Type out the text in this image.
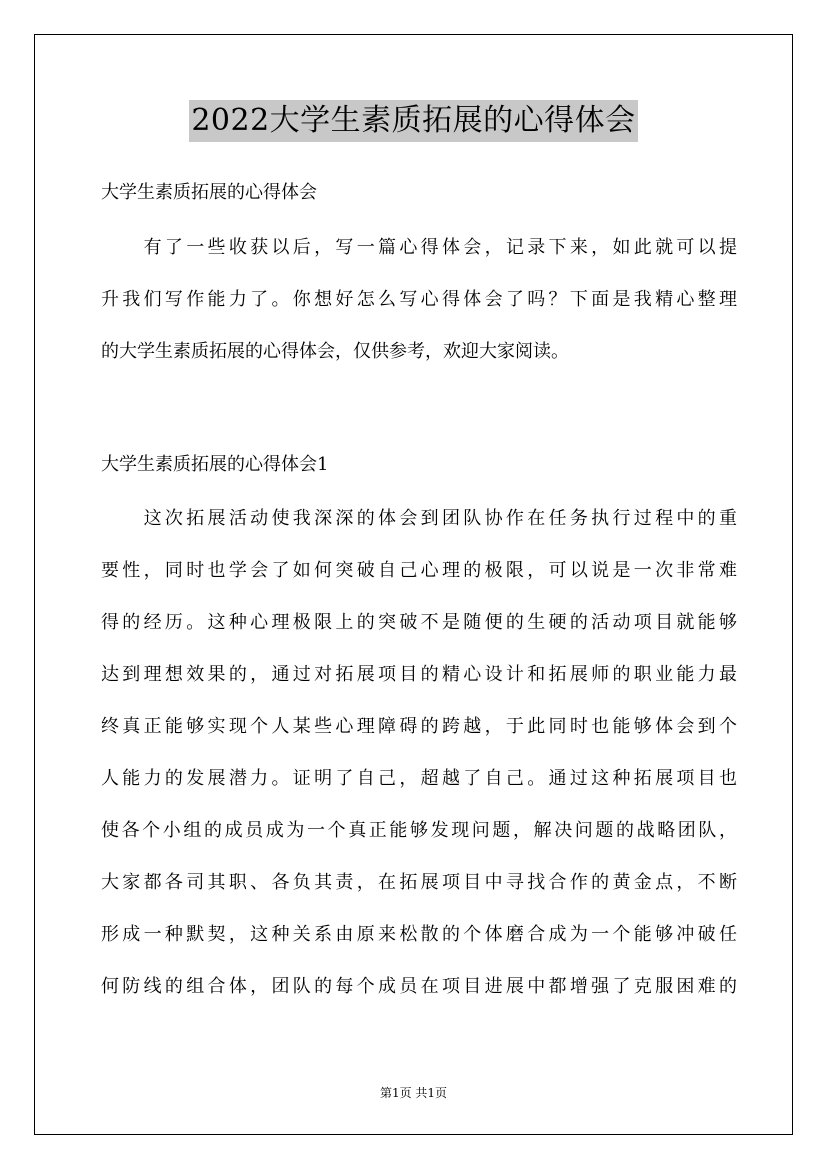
2022大学生素质拓展的心得体会
大学生素质拓展的心得体会
　　有了一些收获以后，写一篇心得体会，记录下来，如此就可以提
升我们写作能力了。你想好怎么写心得体会了吗？下面是我精心整理
的大学生素质拓展的心得体会，仅供参考，欢迎大家阅读。
大学生素质拓展的心得体会1
　　这次拓展活动使我深深的体会到团队协作在任务执行过程中的重
要性，同时也学会了如何突破自己心理的极限，可以说是一次非常难
得的经历。这种心理极限上的突破不是随便的生硬的活动项目就能够
达到理想效果的，通过对拓展项目的精心设计和拓展师的职业能力最
终真正能够实现个人某些心理障碍的跨越，于此同时也能够体会到个
人能力的发展潜力。证明了自己，超越了自己。通过这种拓展项目也
使各个小组的成员成为一个真正能够发现问题，解决问题的战略团队，
大家都各司其职、各负其责，在拓展项目中寻找合作的黄金点，不断
形成一种默契，这种关系由原来松散的个体磨合成为一个能够冲破任
何防线的组合体，团队的每个成员在项目进展中都增强了克服困难的
第1页 共1页
